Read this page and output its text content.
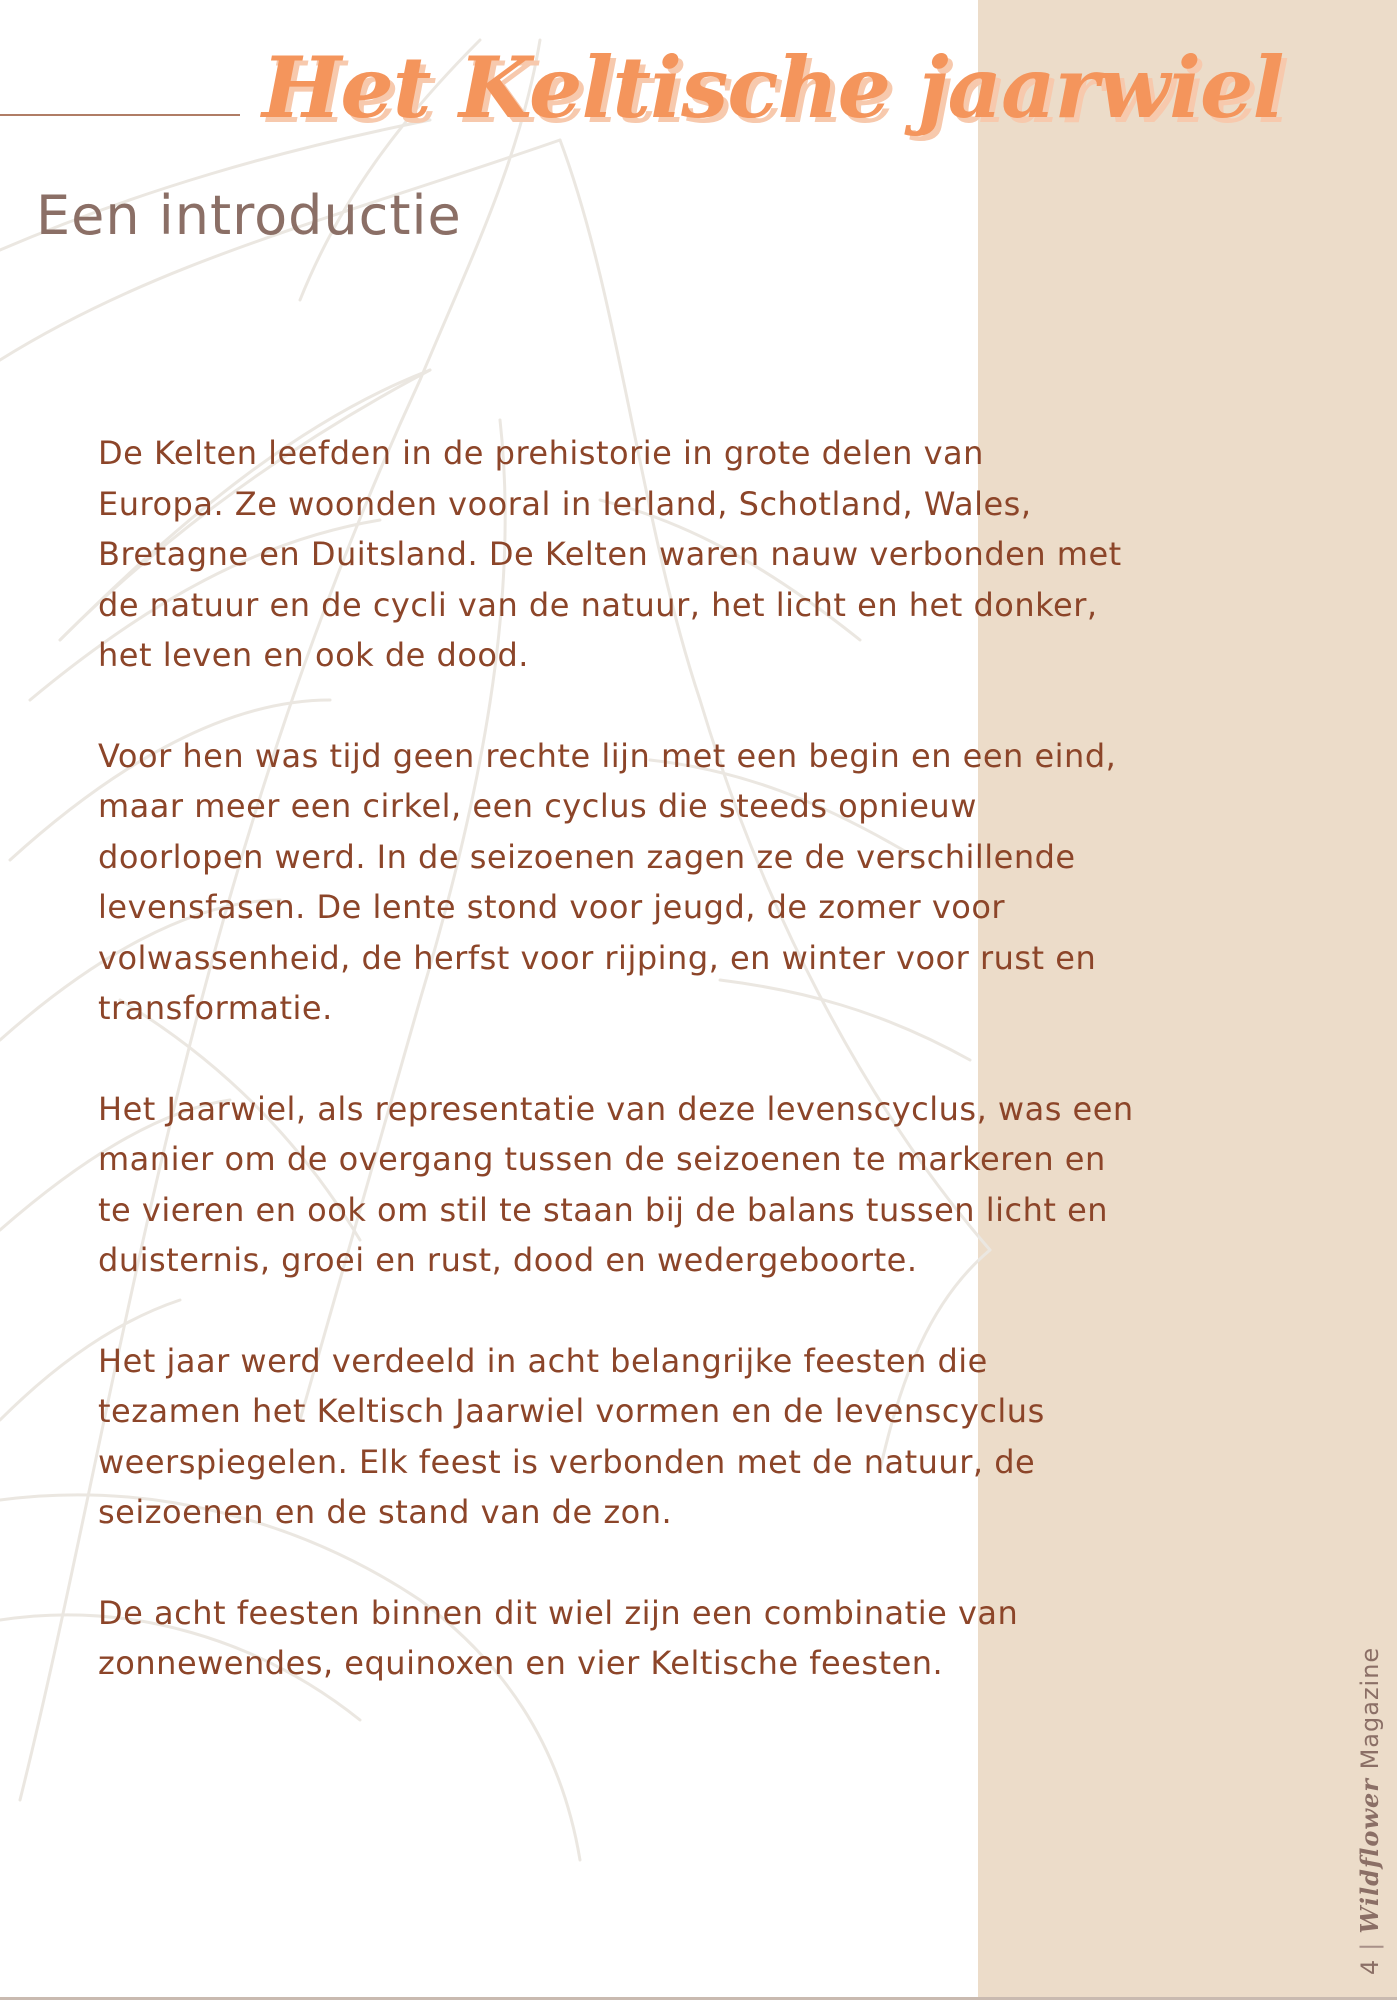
Het Keltische jaarwiel
Een introductie

De Kelten leefden in de prehistorie in grote delen van
Europa. Ze woonden vooral in Ierland, Schotland, Wales,
Bretagne en Duitsland. De Kelten waren nauw verbonden met
de natuur en de cycli van de natuur, het licht en het donker,
het leven en ook de dood.

Voor hen was tijd geen rechte lijn met een begin en een eind,
maar meer een cirkel, een cyclus die steeds opnieuw
doorlopen werd. In de seizoenen zagen ze de verschillende
levensfasen. De lente stond voor jeugd, de zomer voor
volwassenheid, de herfst voor rijping, en winter voor rust en
transformatie.

Het Jaarwiel, als representatie van deze levenscyclus, was een
manier om de overgang tussen de seizoenen te markeren en
te vieren en ook om stil te staan bij de balans tussen licht en
duisternis, groei en rust, dood en wedergeboorte.

Het jaar werd verdeeld in acht belangrijke feesten die
tezamen het Keltisch Jaarwiel vormen en de levenscyclus
weerspiegelen. Elk feest is verbonden met de natuur, de
seizoenen en de stand van de zon.

De acht feesten binnen dit wiel zijn een combinatie van
zonnewendes, equinoxen en vier Keltische feesten.

4|Wildflower Magazine
